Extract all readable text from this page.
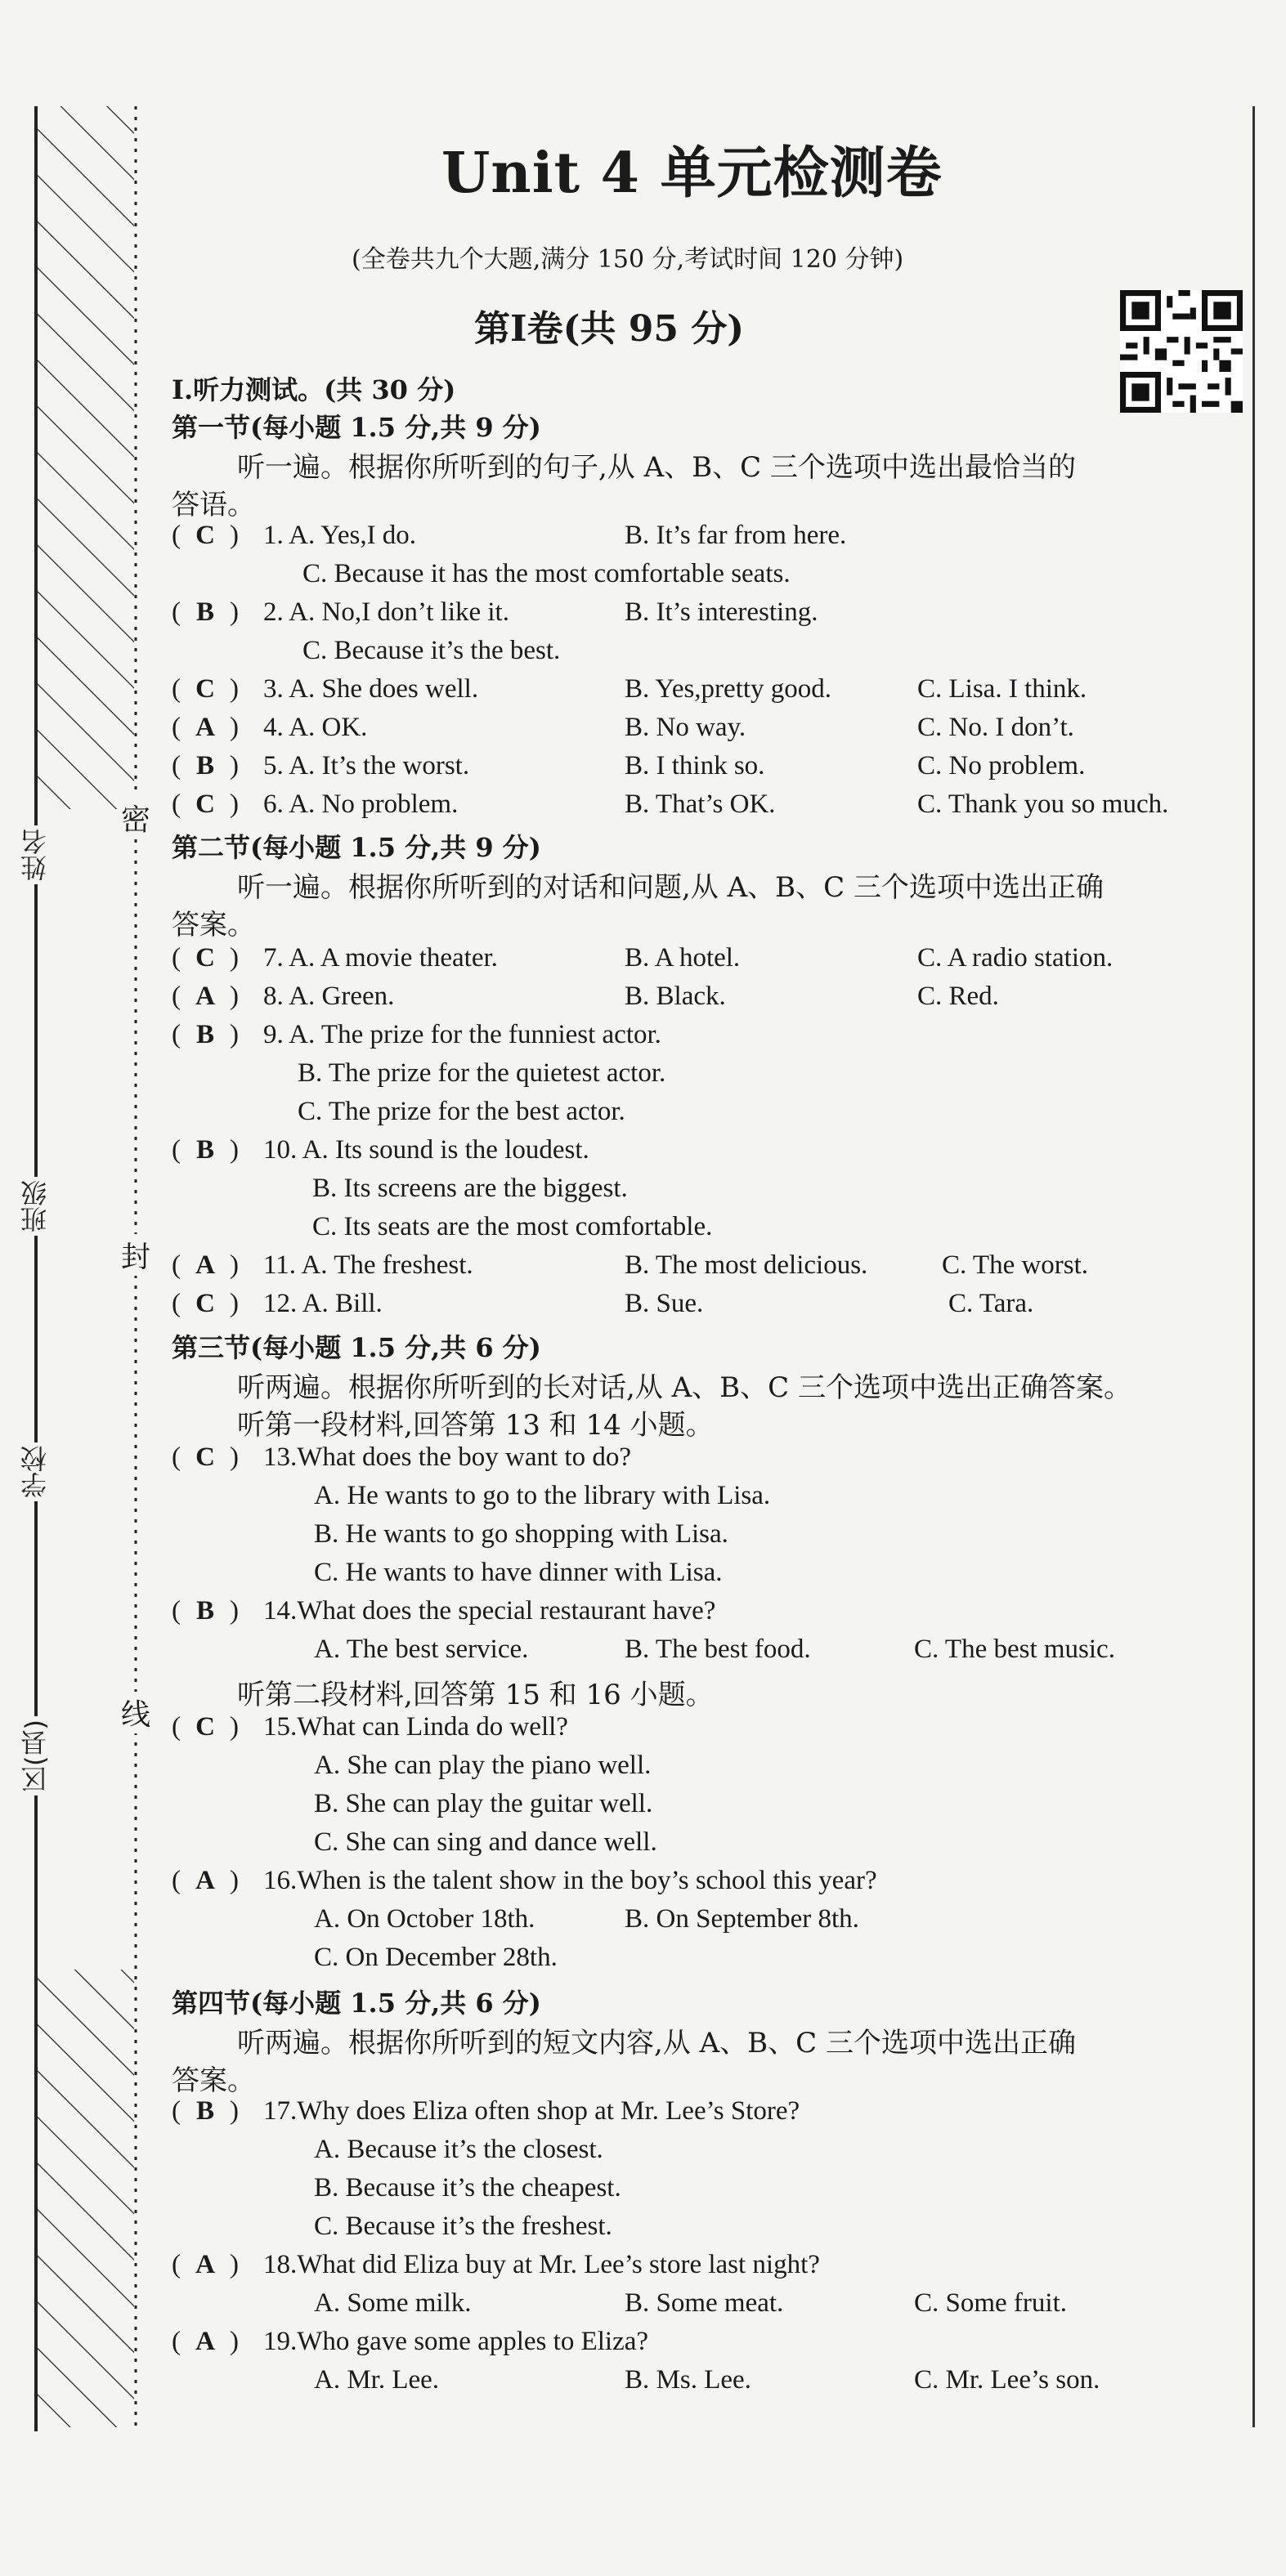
姓名
班级
学校
区(县)
密
封
线
Unit 4 单元检测卷
(全卷共九个大题,满分 150 分,考试时间 120 分钟)
第Ⅰ卷(共 95 分)
Ⅰ.听力测试。(共 30 分)
第一节(每小题 1.5 分,共 9 分)
听一遍。根据你所听到的句子,从 A、B、C 三个选项中选出最恰当的
答语。
( C ) 1. A. Yes,I do.	B. It’s far from here.
C. Because it has the most comfortable seats.
( B ) 2. A. No,I don’t like it.	B. It’s interesting.
C. Because it’s the best.
( C ) 3. A. She does well.	B. Yes,pretty good.	C. Lisa. I think.
( A ) 4. A. OK.	B. No way.	C. No. I don’t.
( B ) 5. A. It’s the worst.	B. I think so.	C. No problem.
( C ) 6. A. No problem.	B. That’s OK.	C. Thank you so much.
第二节(每小题 1.5 分,共 9 分)
听一遍。根据你所听到的对话和问题,从 A、B、C 三个选项中选出正确
答案。
( C ) 7. A. A movie theater.	B. A hotel.	C. A radio station.
( A ) 8. A. Green.	B. Black.	C. Red.
( B ) 9. A. The prize for the funniest actor.
B. The prize for the quietest actor.
C. The prize for the best actor.
( B ) 10. A. Its sound is the loudest.
B. Its screens are the biggest.
C. Its seats are the most comfortable.
( A ) 11. A. The freshest.	B. The most delicious.	C. The worst.
( C ) 12. A. Bill.	B. Sue.	C. Tara.
第三节(每小题 1.5 分,共 6 分)
听两遍。根据你所听到的长对话,从 A、B、C 三个选项中选出正确答案。
听第一段材料,回答第 13 和 14 小题。
( C ) 13.What does the boy want to do?
A. He wants to go to the library with Lisa.
B. He wants to go shopping with Lisa.
C. He wants to have dinner with Lisa.
( B ) 14.What does the special restaurant have?
A. The best service.	B. The best food.	C. The best music.
听第二段材料,回答第 15 和 16 小题。
( C ) 15.What can Linda do well?
A. She can play the piano well.
B. She can play the guitar well.
C. She can sing and dance well.
( A ) 16.When is the talent show in the boy’s school this year?
A. On October 18th.	B. On September 8th.
C. On December 28th.
第四节(每小题 1.5 分,共 6 分)
听两遍。根据你所听到的短文内容,从 A、B、C 三个选项中选出正确
答案。
( B ) 17.Why does Eliza often shop at Mr. Lee’s Store?
A. Because it’s the closest.
B. Because it’s the cheapest.
C. Because it’s the freshest.
( A ) 18.What did Eliza buy at Mr. Lee’s store last night?
A. Some milk.	B. Some meat.	C. Some fruit.
( A ) 19.Who gave some apples to Eliza?
A. Mr. Lee.	B. Ms. Lee.	C. Mr. Lee’s son.
